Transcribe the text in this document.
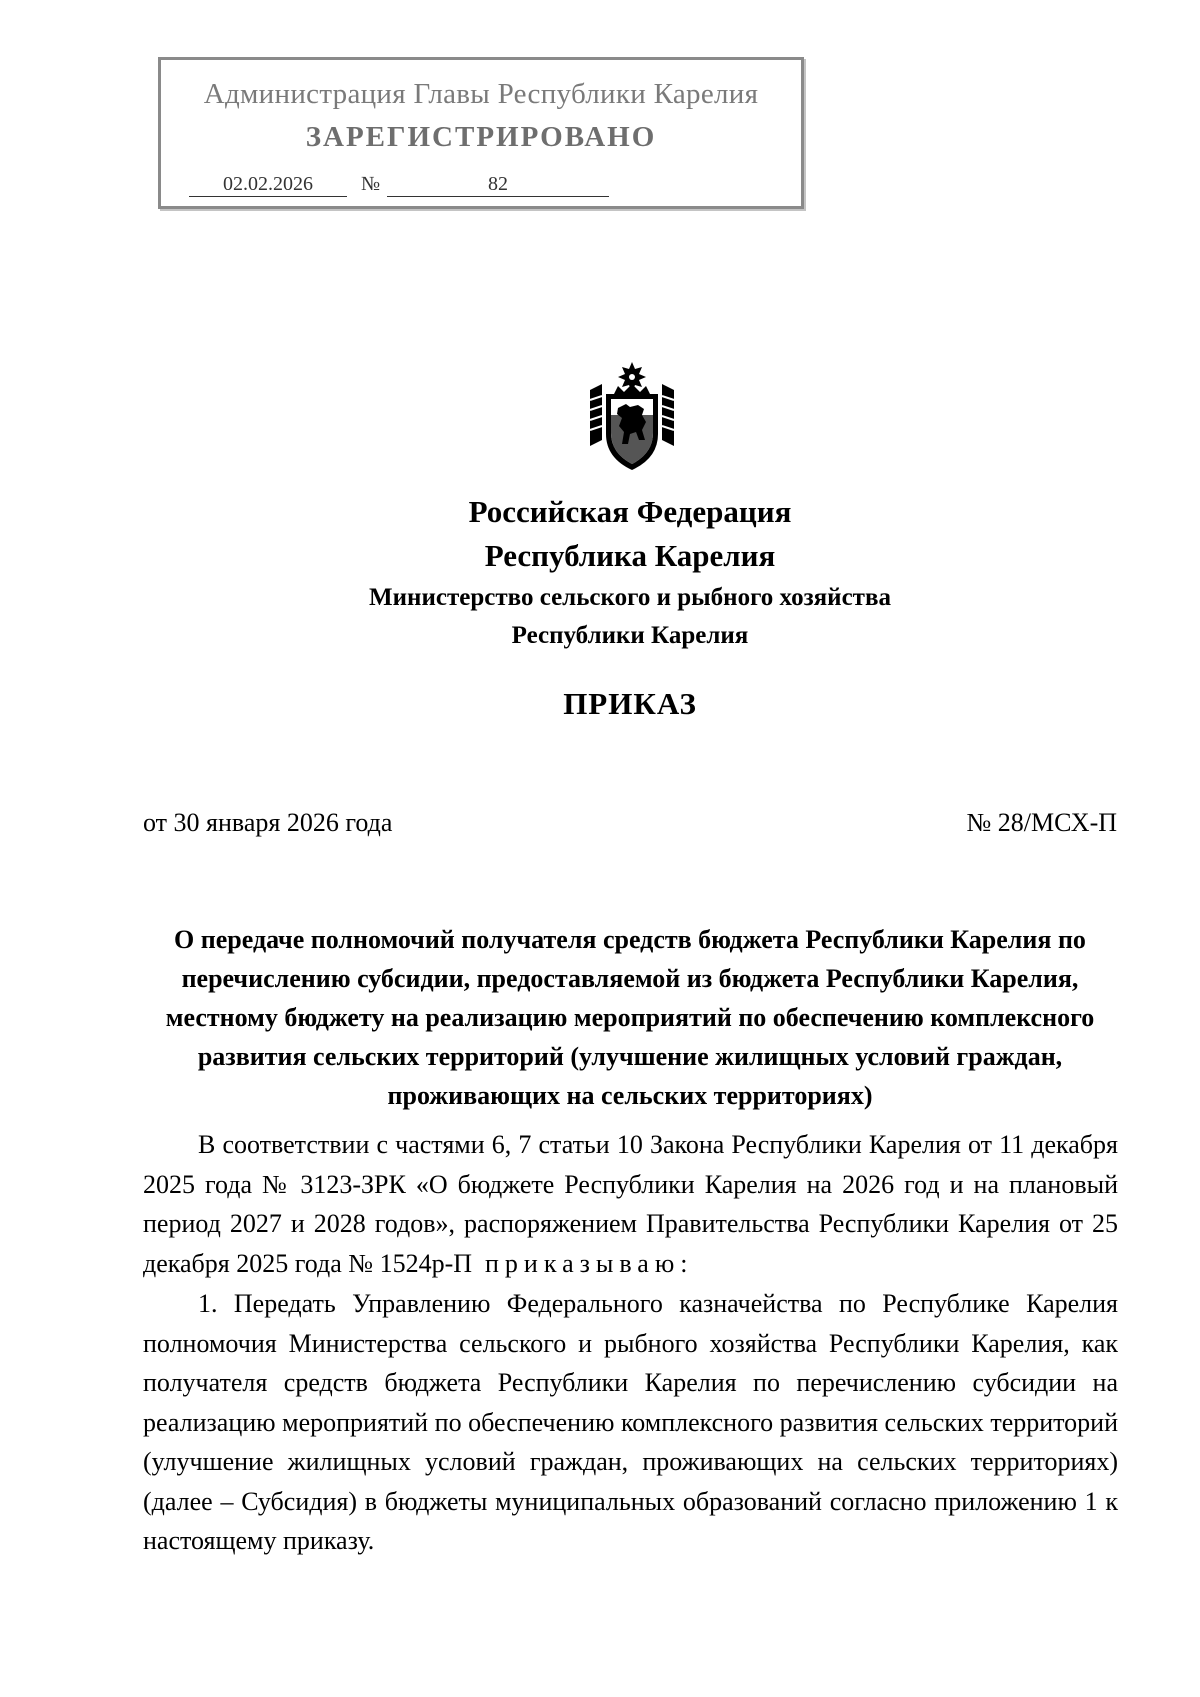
Администрация Главы Республики Карелия
ЗАРЕГИСТРИРОВАНО
02.02.2026	№	82
Российская Федерация
Республика Карелия
Министерство сельского и рыбного хозяйства
Республики Карелия
ПРИКАЗ
от 30 января 2026 года	№ 28/МСХ-П
О передаче полномочий получателя средств бюджета Республики Карелия по перечислению субсидии, предоставляемой из бюджета Республики Карелия, местному бюджету на реализацию мероприятий по обеспечению комплексного развития сельских территорий (улучшение жилищных условий граждан, проживающих на сельских территориях)

В соответствии с частями 6, 7 статьи 10 Закона Республики Карелия от 11 декабря 2025 года № 3123-ЗРК «О бюджете Республики Карелия на 2026 год и на плановый период 2027 и 2028 годов», распоряжением Правительства Республики Карелия от 25 декабря 2025 года № 1524р-П приказываю:

1. Передать Управлению Федерального казначейства по Республике Карелия полномочия Министерства сельского и рыбного хозяйства Республики Карелия, как получателя средств бюджета Республики Карелия по перечислению субсидии на реализацию мероприятий по обеспечению комплексного развития сельских территорий (улучшение жилищных условий граждан, проживающих на сельских территориях) (далее – Субсидия) в бюджеты муниципальных образований согласно приложению 1 к настоящему приказу.
